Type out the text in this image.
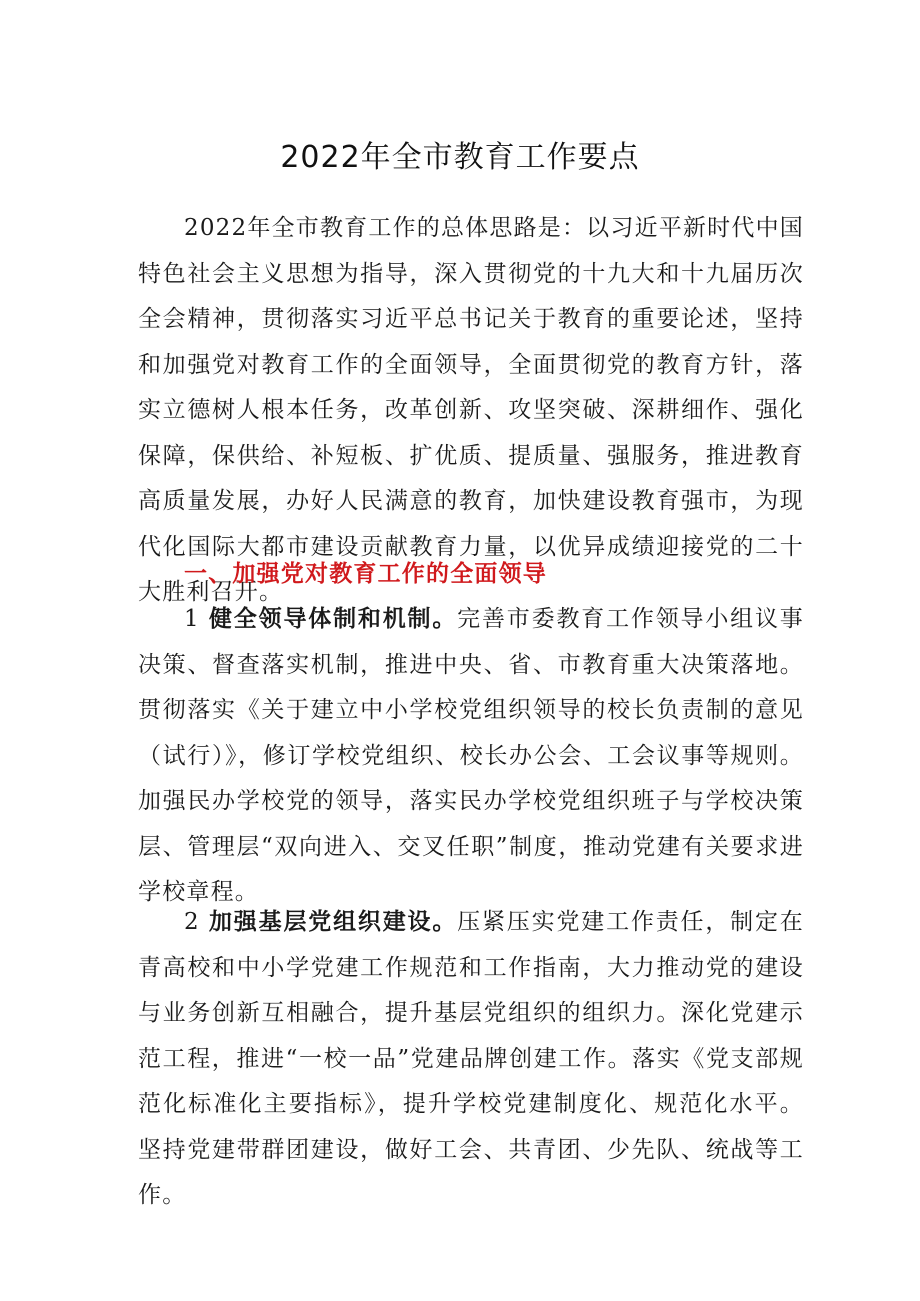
2022年全市教育工作要点

2022年全市教育工作的总体思路是：以习近平新时代中国特色社会主义思想为指导，深入贯彻党的十九大和十九届历次全会精神，贯彻落实习近平总书记关于教育的重要论述，坚持和加强党对教育工作的全面领导，全面贯彻党的教育方针，落实立德树人根本任务，改革创新、攻坚突破、深耕细作、强化保障，保供给、补短板、扩优质、提质量、强服务，推进教育高质量发展，办好人民满意的教育，加快建设教育强市，为现代化国际大都市建设贡献教育力量，以优异成绩迎接党的二十大胜利召开。

一、加强党对教育工作的全面领导

1 健全领导体制和机制。完善市委教育工作领导小组议事决策、督查落实机制，推进中央、省、市教育重大决策落地。贯彻落实《关于建立中小学校党组织领导的校长负责制的意见（试行）》，修订学校党组织、校长办公会、工会议事等规则。加强民办学校党的领导，落实民办学校党组织班子与学校决策层、管理层“双向进入、交叉任职”制度，推动党建有关要求进学校章程。

2 加强基层党组织建设。压紧压实党建工作责任，制定在青高校和中小学党建工作规范和工作指南，大力推动党的建设与业务创新互相融合，提升基层党组织的组织力。深化党建示范工程，推进“一校一品”党建品牌创建工作。落实《党支部规范化标准化主要指标》，提升学校党建制度化、规范化水平。坚持党建带群团建设，做好工会、共青团、少先队、统战等工作。
